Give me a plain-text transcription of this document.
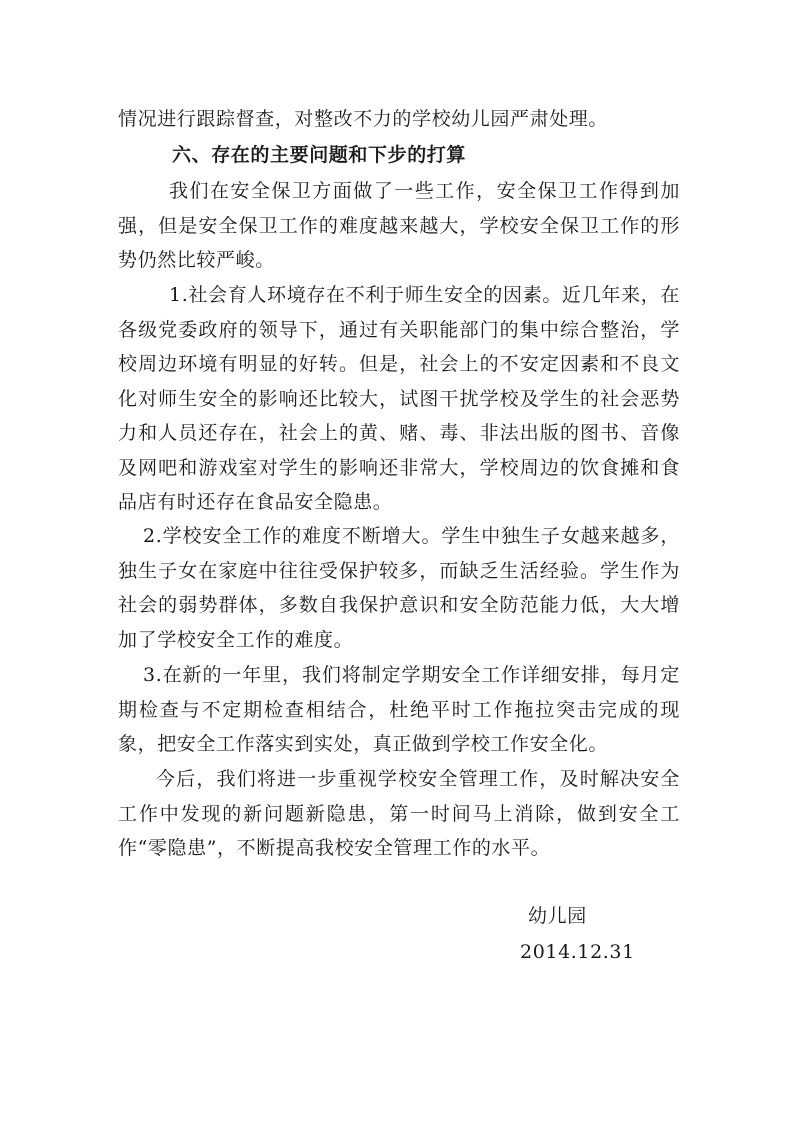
情况进行跟踪督查，对整改不力的学校幼儿园严肃处理。

六、存在的主要问题和下步的打算

我们在安全保卫方面做了一些工作，安全保卫工作得到加强，但是安全保卫工作的难度越来越大，学校安全保卫工作的形势仍然比较严峻。

1.社会育人环境存在不利于师生安全的因素。近几年来，在各级党委政府的领导下，通过有关职能部门的集中综合整治，学校周边环境有明显的好转。但是，社会上的不安定因素和不良文化对师生安全的影响还比较大，试图干扰学校及学生的社会恶势力和人员还存在，社会上的黄、赌、毒、非法出版的图书、音像及网吧和游戏室对学生的影响还非常大，学校周边的饮食摊和食品店有时还存在食品安全隐患。

2.学校安全工作的难度不断增大。学生中独生子女越来越多，独生子女在家庭中往往受保护较多，而缺乏生活经验。学生作为社会的弱势群体，多数自我保护意识和安全防范能力低，大大增加了学校安全工作的难度。

3.在新的一年里，我们将制定学期安全工作详细安排，每月定期检查与不定期检查相结合，杜绝平时工作拖拉突击完成的现象，把安全工作落实到实处，真正做到学校工作安全化。

今后，我们将进一步重视学校安全管理工作，及时解决安全工作中发现的新问题新隐患，第一时间马上消除，做到安全工作“零隐患”，不断提高我校安全管理工作的水平。

幼儿园

2014.12.31
